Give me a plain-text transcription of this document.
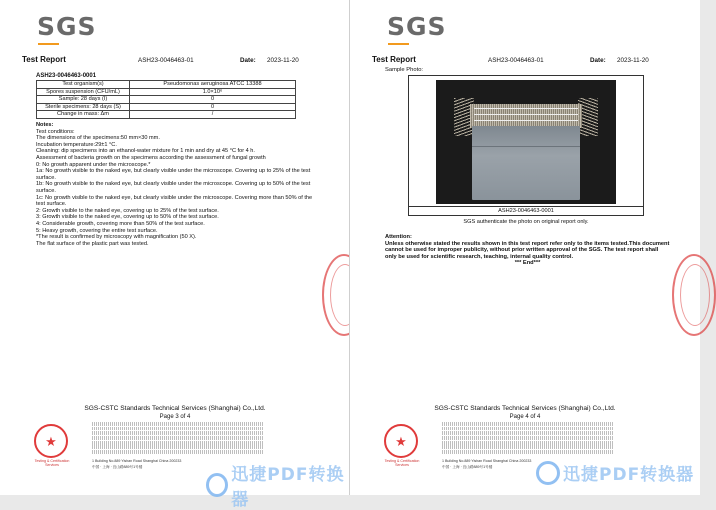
SGS
Test Report	ASH23-0046463-01	Date: 2023-11-20
ASH23-0046463-0001
Test organism(s)	Pseudomonas aeruginosa ATCC 13388
Spores suspension (CFU/mL)	1.0×10⁶
Sample: 28 days (I)	0
Sterile specimens: 28 days (S)	0
Change in mass: Δm	/
Notes:
Test conditions:
The dimensions of the specimens:50 mm×30 mm.
Incubation temperature:29±1 °C.
Cleaning: dip specimens into an ethanol-water mixture for 1 min and dry at 45 °C for 4 h.
Assessment of bacteria growth on the specimens according the assessment of fungal growth
0: No growth apparent under the microscope.*
1a: No growth visible to the naked eye, but clearly visible under the microscope. Covering up to 25% of the test surface.
1b: No growth visible to the naked eye, but clearly visible under the microscope. Covering up to 50% of the test surface.
1c: No growth visible to the naked eye, but clearly visible under the microscope. Covering more than 50% of the test surface.
2: Growth visible to the naked eye, covering up to 25% of the test surface.
3: Growth visible to the naked eye, covering up to 50% of the test surface.
4: Considerable growth, covering more than 50% of the test surface.
5: Heavy growth, covering the entire test surface.
*The result is confirmed by microscopy with magnification (50 X).
The flat surface of the plastic part was tested.
SGS-CSTC Standards Technical Services (Shanghai) Co.,Ltd.
Page 3 of 4
1 Building No.889 Yishan Road Shanghai China 200233
中国 · 上海 · 宜山路889号1号楼
★
Testing & Certification Services	迅捷PDF转换器
SGS
Test Report	ASH23-0046463-01	Date: 2023-11-20
Sample Photo:
ASH23-0046463-0001
SGS authenticate the photo on original report only.
Attention:
Unless otherwise stated the results shown in this test report refer only to the items tested.This document cannot be used for improper publicity, without prior written approval of the SGS. The test report shall only be used for scientific research, teaching, internal quality control.
*** End***
SGS-CSTC Standards Technical Services (Shanghai) Co.,Ltd.
Page 4 of 4
1 Building No.889 Yishan Road Shanghai China 200233
中国 · 上海 · 宜山路889号1号楼
★
Testing & Certification Services	迅捷PDF转换器
